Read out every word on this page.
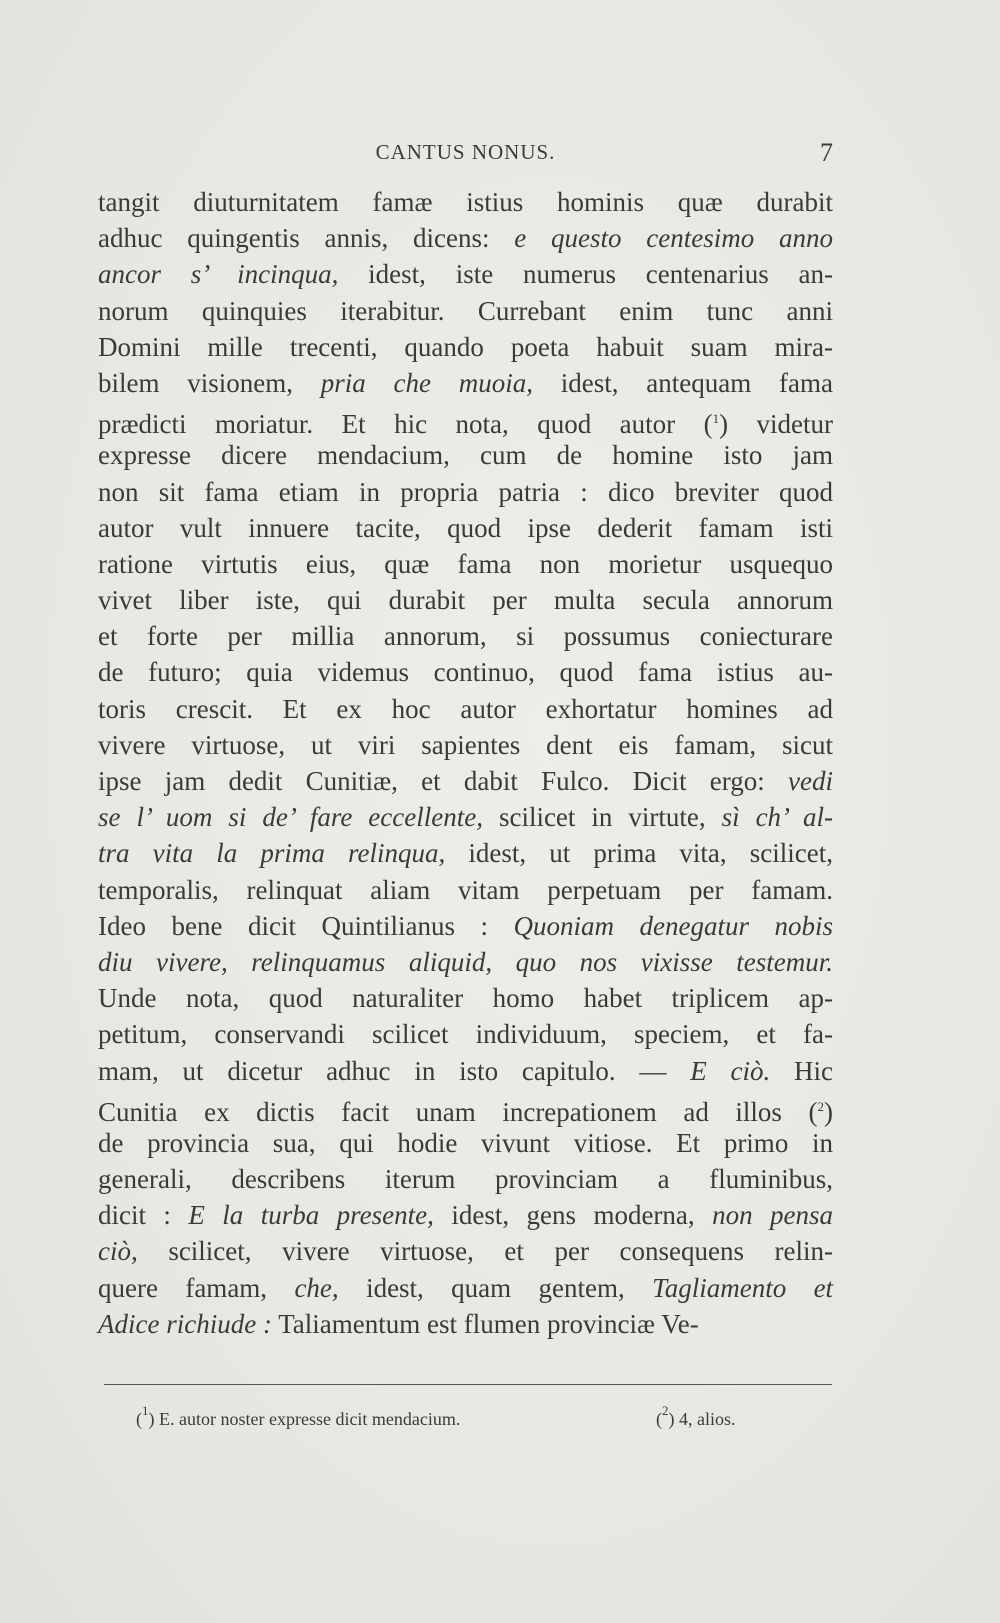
CANTUS NONUS.	7
tangit diuturnitatem famæ istius hominis quæ durabit
adhuc quingentis annis, dicens: e questo centesimo anno
ancor s’ incinqua, idest, iste numerus centenarius an-
norum quinquies iterabitur. Currebant enim tunc anni
Domini mille trecenti, quando poeta habuit suam mira-
bilem visionem, pria che muoia, idest, antequam fama
prædicti moriatur. Et hic nota, quod autor ($^1$) videtur
expresse dicere mendacium, cum de homine isto jam
non sit fama etiam in propria patria : dico breviter quod
autor vult innuere tacite, quod ipse dederit famam isti
ratione virtutis eius, quæ fama non morietur usquequo
vivet liber iste, qui durabit per multa secula annorum
et forte per millia annorum, si possumus coniecturare
de futuro; quia videmus continuo, quod fama istius au-
toris crescit. Et ex hoc autor exhortatur homines ad
vivere virtuose, ut viri sapientes dent eis famam, sicut
ipse jam dedit Cunitiæ, et dabit Fulco. Dicit ergo: vedi
se l’ uom si de’ fare eccellente, scilicet in virtute, sì ch’ al-
tra vita la prima relinqua, idest, ut prima vita, scilicet,
temporalis, relinquat aliam vitam perpetuam per famam.
Ideo bene dicit Quintilianus : Quoniam denegatur nobis
diu vivere, relinquamus aliquid, quo nos vixisse testemur.
Unde nota, quod naturaliter homo habet triplicem ap-
petitum, conservandi scilicet individuum, speciem, et fa-
mam, ut dicetur adhuc in isto capitulo. — E ciò. Hic
Cunitia ex dictis facit unam increpationem ad illos ($^2$)
de provincia sua, qui hodie vivunt vitiose. Et primo in
generali, describens iterum provinciam a fluminibus,
dicit : E la turba presente, idest, gens moderna, non pensa
ciò, scilicet, vivere virtuose, et per consequens relin-
quere famam, che, idest, quam gentem, Tagliamento et
Adice richiude : Taliamentum est flumen provinciæ Ve-
($^1$) E. autor noster expresse dicit mendacium.	($^2$) 4, alios.
